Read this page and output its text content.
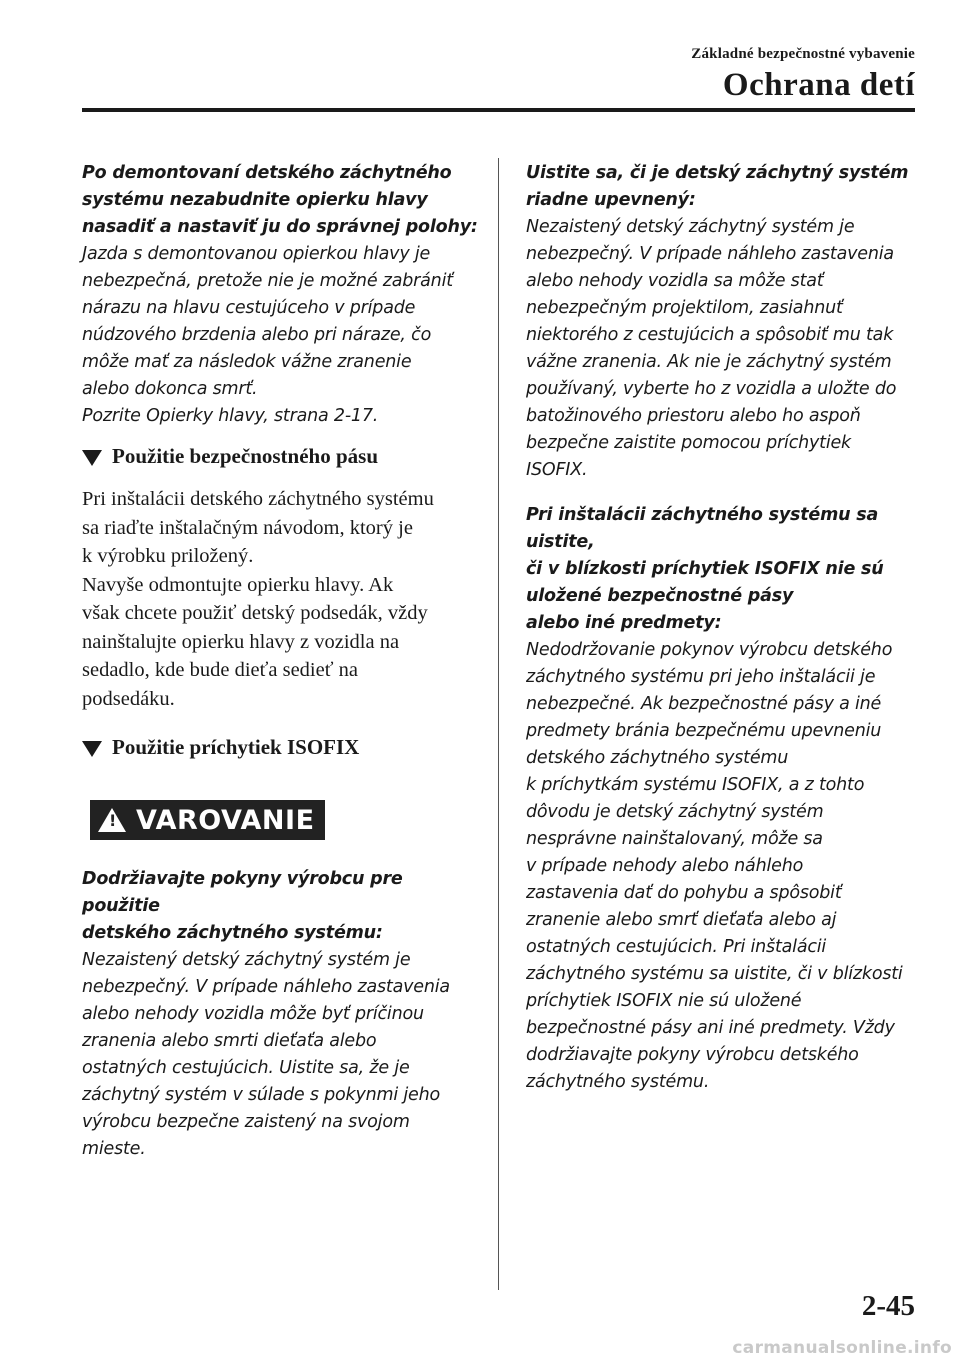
Základné bezpečnostné vybavenie
Ochrana detí

Po demontovaní detského záchytného
systému nezabudnite opierku hlavy
nasadiť a nastaviť ju do správnej polohy:

Jazda s demontovanou opierkou hlavy je
nebezpečná, pretože nie je možné zabrániť
nárazu na hlavu cestujúceho v prípade
núdzového brzdenia alebo pri náraze, čo
môže mať za následok vážne zranenie
alebo dokonca smrť.
Pozrite Opierky hlavy, strana 2-17.

Použitie bezpečnostného pásu

Pri inštalácii detského záchytného systému
sa riaďte inštalačným návodom, ktorý je
k výrobku priložený.
Navyše odmontujte opierku hlavy. Ak
však chcete použiť detský podsedák, vždy
nainštalujte opierku hlavy z vozidla na
sedadlo, kde bude dieťa sedieť na
podsedáku.

Použitie príchytiek ISOFIX
! VAROVANIE

Dodržiavajte pokyny výrobcu pre použitie
detského záchytného systému:

Nezaistený detský záchytný systém je
nebezpečný. V prípade náhleho zastavenia
alebo nehody vozidla môže byť príčinou
zranenia alebo smrti dieťaťa alebo
ostatných cestujúcich. Uistite sa, že je
záchytný systém v súlade s pokynmi jeho
výrobcu bezpečne zaistený na svojom
mieste.

Uistite sa, či je detský záchytný systém
riadne upevnený:

Nezaistený detský záchytný systém je
nebezpečný. V prípade náhleho zastavenia
alebo nehody vozidla sa môže stať
nebezpečným projektilom, zasiahnuť
niektorého z cestujúcich a spôsobiť mu tak
vážne zranenia. Ak nie je záchytný systém
používaný, vyberte ho z vozidla a uložte do
batožinového priestoru alebo ho aspoň
bezpečne zaistite pomocou príchytiek
ISOFIX.

Pri inštalácii záchytného systému sa uistite,
či v blízkosti príchytiek ISOFIX nie sú
uložené bezpečnostné pásy
alebo iné predmety:

Nedodržovanie pokynov výrobcu detského
záchytného systému pri jeho inštalácii je
nebezpečné. Ak bezpečnostné pásy a iné
predmety bránia bezpečnému upevneniu
detského záchytného systému
k príchytkám systému ISOFIX, a z tohto
dôvodu je detský záchytný systém
nesprávne nainštalovaný, môže sa
v prípade nehody alebo náhleho
zastavenia dať do pohybu a spôsobiť
zranenie alebo smrť dieťaťa alebo aj
ostatných cestujúcich. Pri inštalácii
záchytného systému sa uistite, či v blízkosti
príchytiek ISOFIX nie sú uložené
bezpečnostné pásy ani iné predmety. Vždy
dodržiavajte pokyny výrobcu detského
záchytného systému.

2-45
carmanualsonline.info
